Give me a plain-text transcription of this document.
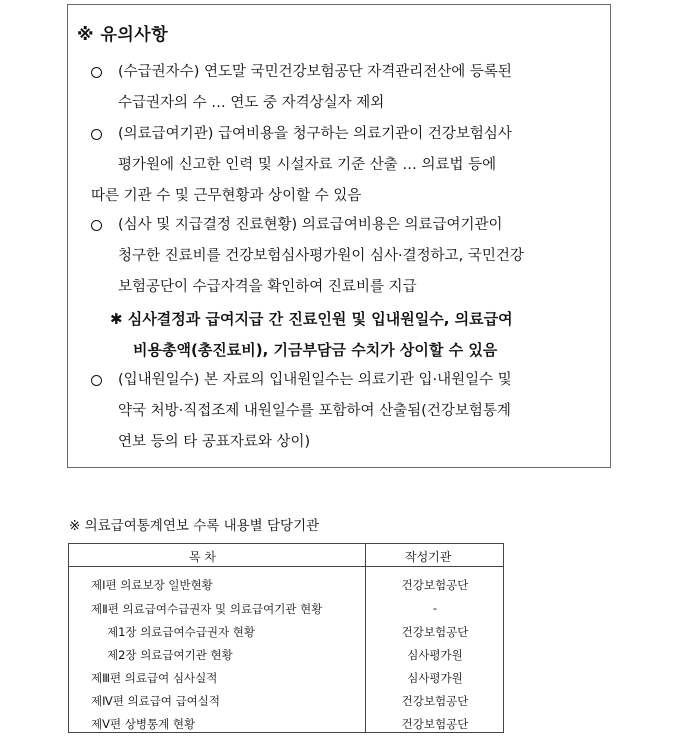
※ 유의사항
(수급권자수) 연도말 국민건강보험공단 자격관리전산에 등록된
수급권자의 수 … 연도 중 자격상실자 제외
(의료급여기관) 급여비용을 청구하는 의료기관이 건강보험심사
평가원에 신고한 인력 및 시설자료 기준 산출 … 의료법 등에
따른 기관 수 및 근무현황과 상이할 수 있음
(심사 및 지급결정 진료현황) 의료급여비용은 의료급여기관이
청구한 진료비를 건강보험심사평가원이 심사·결정하고, 국민건강
보험공단이 수급자격을 확인하여 진료비를 지급
✱ 심사결정과 급여지급 간 진료인원 및 입내원일수, 의료급여
비용총액(총진료비), 기금부담금 수치가 상이할 수 있음
(입내원일수) 본 자료의 입내원일수는 의료기관 입·내원일수 및
약국 처방·직접조제 내원일수를 포함하여 산출됨(건강보험통계
연보 등의 타 공표자료와 상이)
※ 의료급여통계연보 수록 내용별 담당기관
목 차	작성기관
제Ⅰ편 의료보장 일반현황	건강보험공단
제Ⅱ편 의료급여수급권자 및 의료급여기관 현황	-
제1장 의료급여수급권자 현황	건강보험공단
제2장 의료급여기관 현황	심사평가원
제Ⅲ편 의료급여 심사실적	심사평가원
제Ⅳ편 의료급여 급여실적	건강보험공단
제Ⅴ편 상병통계 현황	건강보험공단
